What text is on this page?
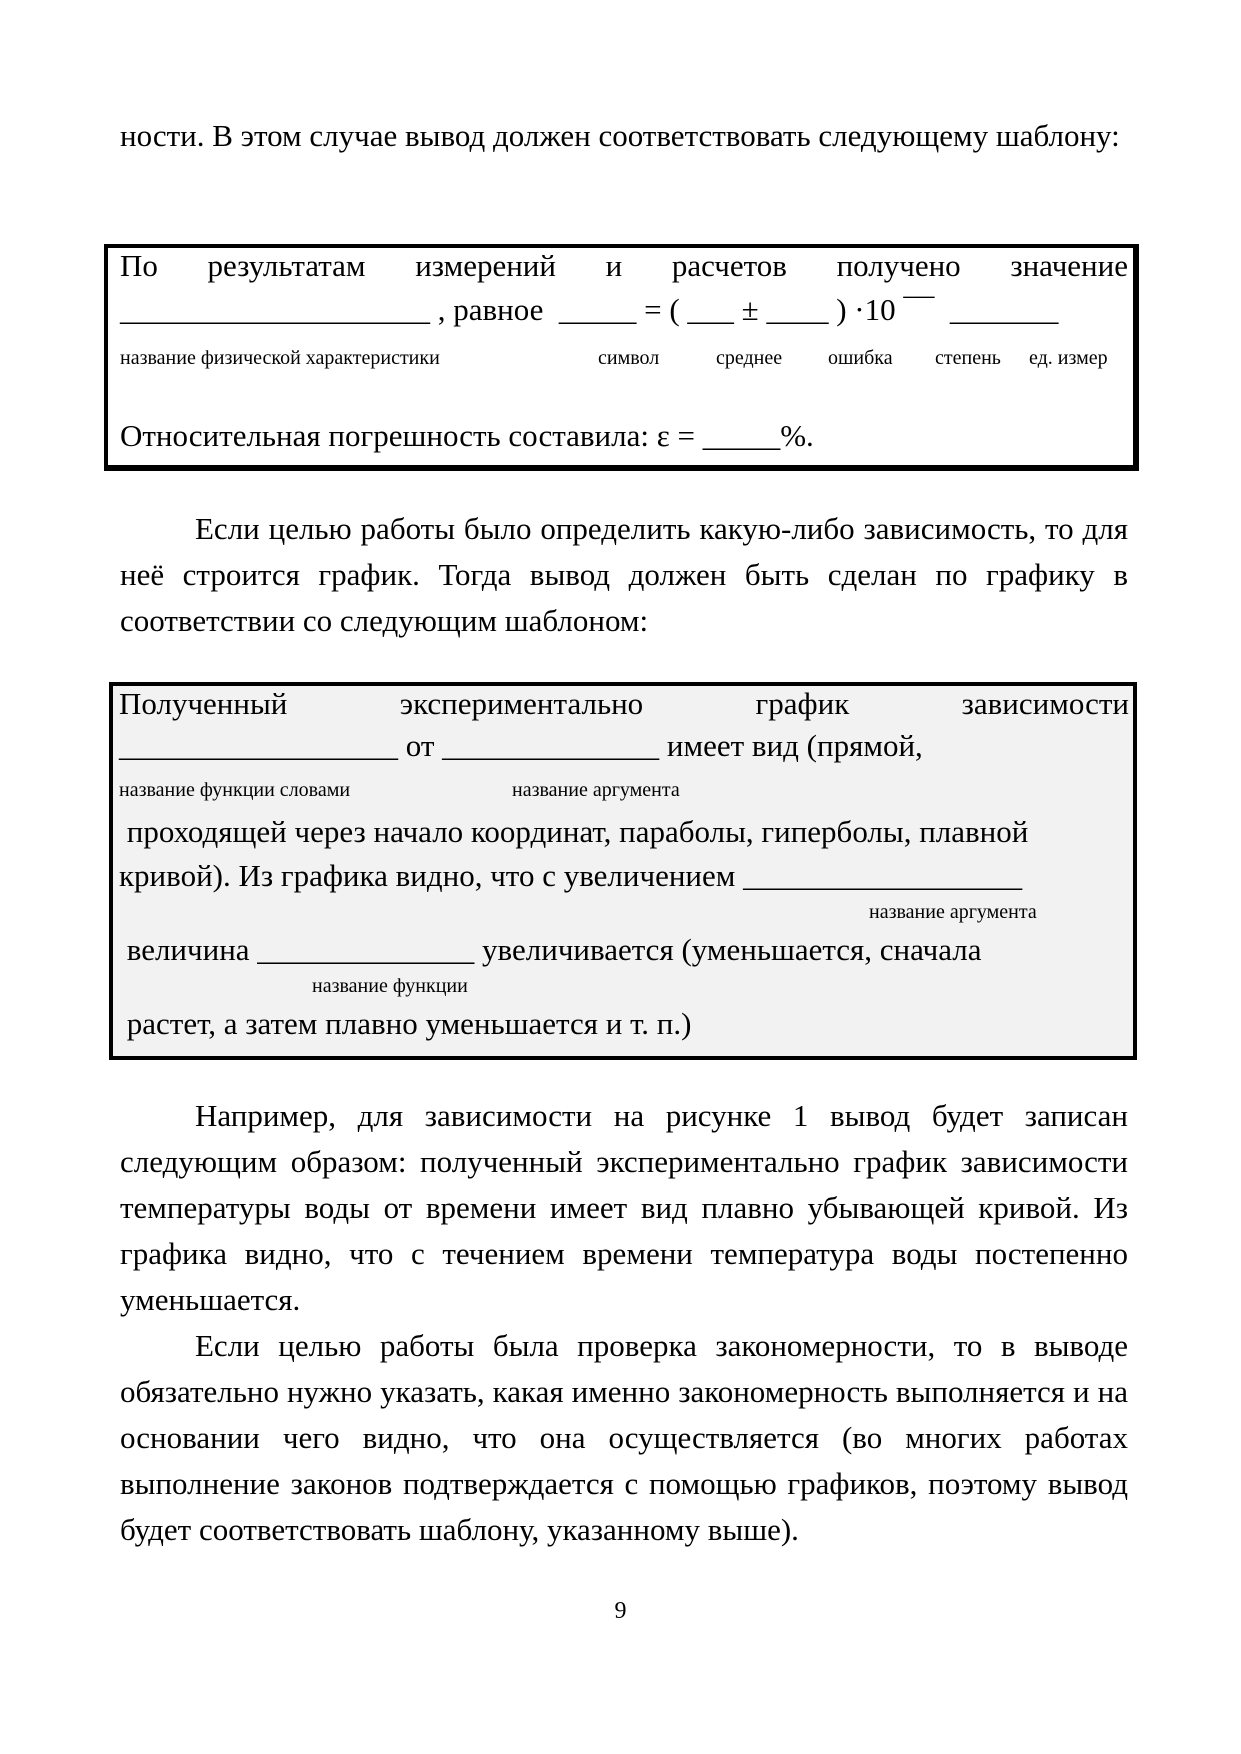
ности. В этом случае вывод должен соответствовать следующему шаблону:

По результатам измерений и расчетов получено значение
____________________ , равное  _____ = ( ___ ± ____ ) ·10 ¯¯  _______
название физической характеристики	символ	среднее ошибка степень ед. измер
Относительная погрешность составила: ε = _____%.

Если целью работы было определить какую-либо зависимость, то для неё строится график. Тогда вывод должен быть сделан по графику в соответствии со следующим шаблоном:

Полученный	экспериментально	график	зависимости
__________________ от ______________ имеет вид (прямой,
название функции словами	название аргумента
проходящей через начало координат, параболы, гиперболы, плавной
кривой). Из графика видно, что с увеличением __________________
название аргумента
величина ______________ увеличивается (уменьшается, сначала
название функции
растет, а затем плавно уменьшается и т. п.)

Например, для зависимости на рисунке 1 вывод будет записан следующим образом: полученный экспериментально график зависимости температуры воды от времени имеет вид плавно убывающей кривой. Из графика видно, что с течением времени температура воды постепенно уменьшается.

Если целью работы была проверка закономерности, то в выводе обязательно нужно указать, какая именно закономерность выполняется и на основании чего видно, что она осуществляется (во многих работах выполнение законов подтверждается с помощью графиков, поэтому вывод будет соответствовать шаблону, указанному выше).

9
